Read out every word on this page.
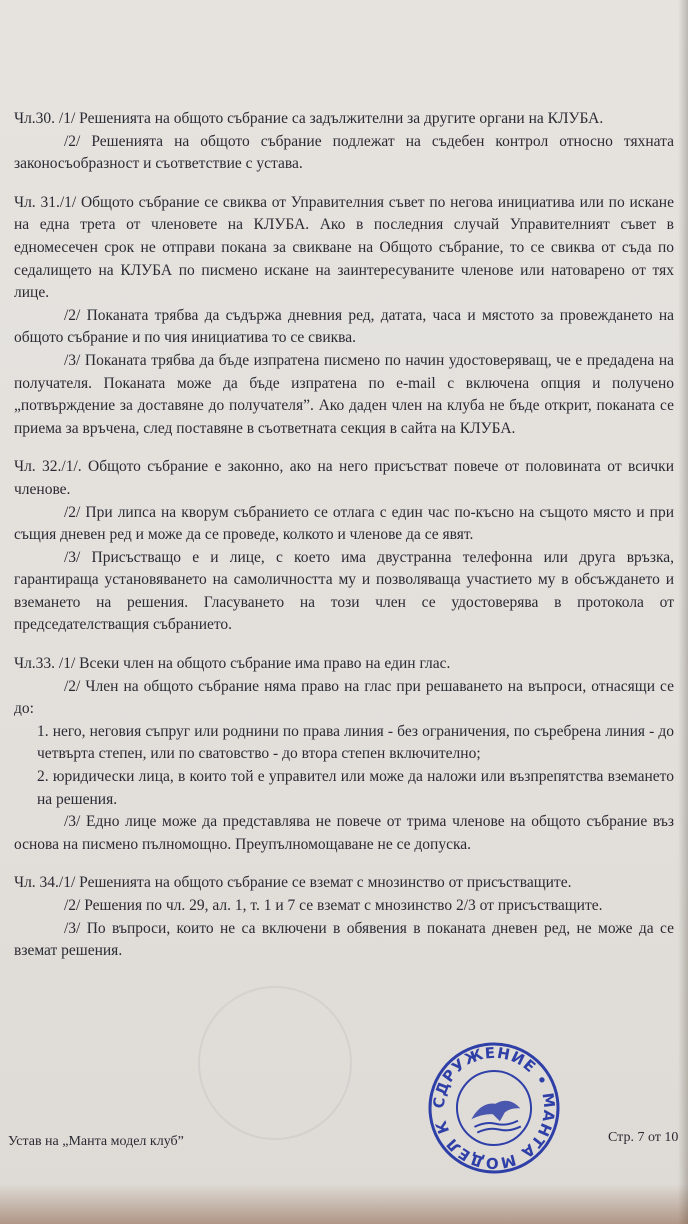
Чл.30. /1/ Решенията на общото събрание са задължителни за другите органи на КЛУБА.

/2/ Решенията на общото събрание подлежат на съдебен контрол относно тяхната законосъобразност и съответствие с устава.

Чл. 31./1/ Общото събрание се свиква от Управителния съвет по негова инициатива или по искане на една трета от членовете на КЛУБА. Ако в последния случай Управителният съвет в едномесечен срок не отправи покана за свикване на Общото събрание, то се свиква от съда по седалището на КЛУБА по писмено искане на заинтересуваните членове или натоварено от тях лице.

/2/ Поканата трябва да съдържа дневния ред, датата, часа и мястото за провеждането на общото събрание и по чия инициатива то се свиква.

/3/ Поканата трябва да бъде изпратена писмено по начин удостоверяващ, че е предадена на получателя. Поканата може да бъде изпратена по e-mail с включена опция и получено „потвърждение за доставяне до получателя”. Ако даден член на клуба не бъде открит, поканата се приема за връчена, след поставяне в съответната секция в сайта на КЛУБА.

Чл. 32./1/. Общото събрание е законно, ако на него присъстват повече от половината от всички членове.

/2/ При липса на кворум събранието се отлага с един час по-късно на същото място и при същия дневен ред и може да се проведе, колкото и членове да се явят.

/3/ Присъстващо е и лице, с което има двустранна телефонна или друга връзка, гарантираща установяването на самоличността му и позволяваща участието му в обсъждането и вземането на решения. Гласуването на този член се удостоверява в протокола от председателстващия събранието.

Чл.33. /1/ Всеки член на общото събрание има право на един глас.

/2/ Член на общото събрание няма право на глас при решаването на въпроси, отнасящи се до:

1. него, неговия съпруг или роднини по права линия - без ограничения, по съребрена линия - до четвърта степен, или по сватовство - до втора степен включително;

2. юридически лица, в които той е управител или може да наложи или възпрепятства вземането на решения.

/3/ Едно лице може да представлява не повече от трима членове на общото събрание въз основа на писмено пълномощно. Преупълномощаване не се допуска.

Чл. 34./1/ Решенията на общото събрание се вземат с мнозинство от присъстващите.

/2/ Решения по чл. 29, ал. 1, т. 1 и 7 се вземат с мнозинство 2/3 от присъстващите.

/3/ По въпроси, които не са включени в обявения в поканата дневен ред, не може да се вземат решения.

Устав на „Манта модел клуб”	Стр. 7 от 10
СДРУЖЕНИЕ • МАНТА МОДЕЛ КЛУБ
